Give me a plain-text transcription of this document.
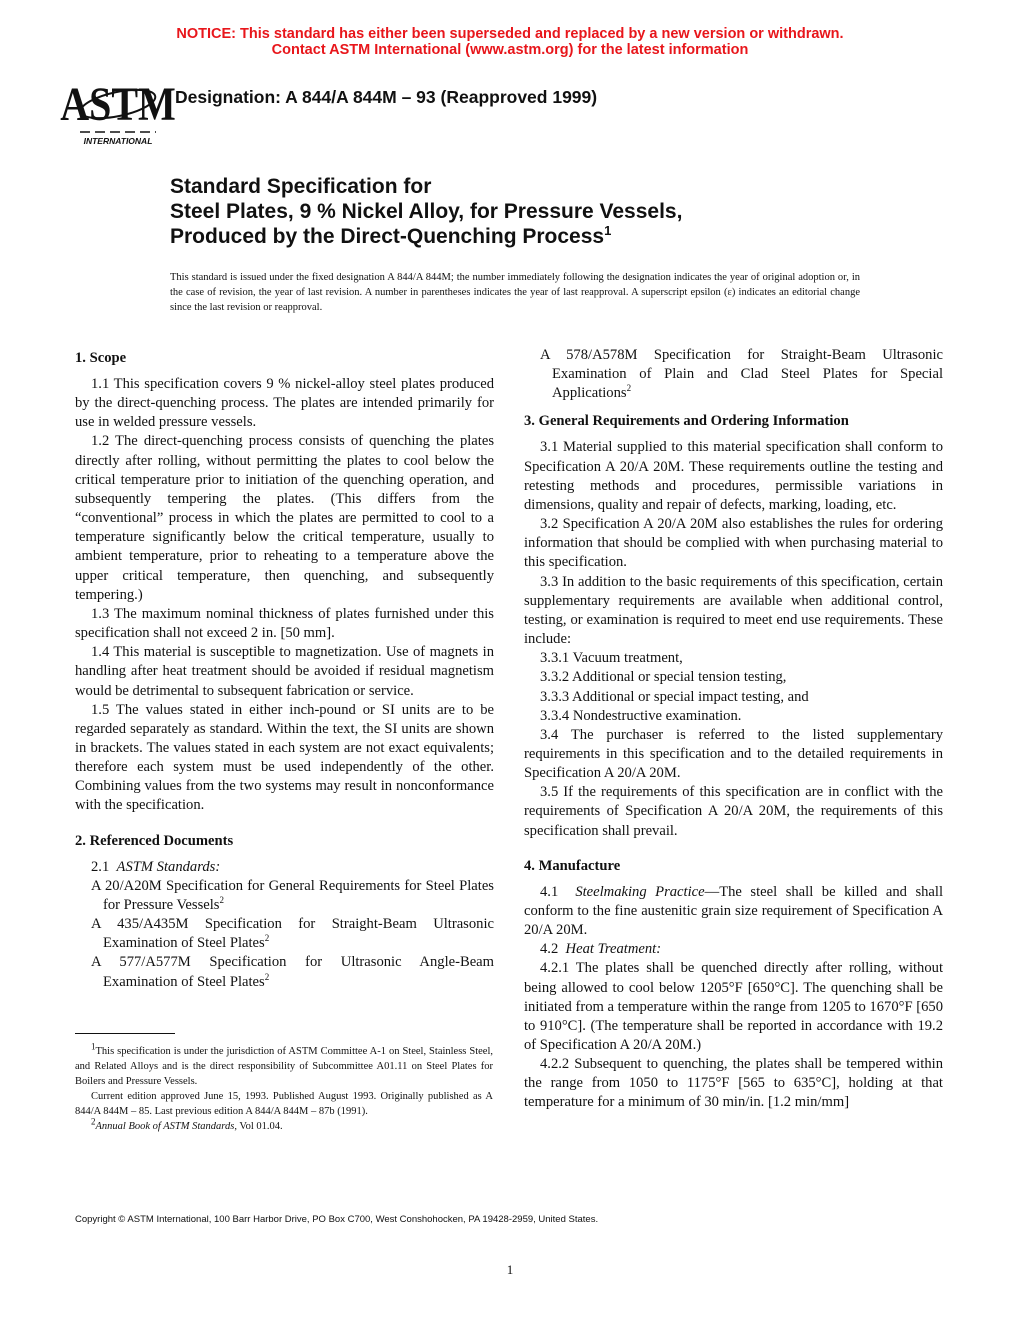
NOTICE: This standard has either been superseded and replaced by a new version or withdrawn.
Contact ASTM International (www.astm.org) for the latest information
ASTM
INTERNATIONAL
Designation: A 844/A 844M – 93 (Reapproved 1999)
Standard Specification for
Steel Plates, 9 % Nickel Alloy, for Pressure Vessels,
Produced by the Direct-Quenching Process$^1$
This standard is issued under the fixed designation A 844/A 844M; the number immediately following the designation indicates the year of original adoption or, in the case of revision, the year of last revision. A number in parentheses indicates the year of last reapproval. A superscript epsilon (ε) indicates an editorial change since the last revision or reapproval.
1. Scope

1.1 This specification covers 9 % nickel-alloy steel plates produced by the direct-quenching process. The plates are intended primarily for use in welded pressure vessels.

1.2 The direct-quenching process consists of quenching the plates directly after rolling, without permitting the plates to cool below the critical temperature prior to initiation of the quenching operation, and subsequently tempering the plates. (This differs from the “conventional” process in which the plates are permitted to cool to a temperature significantly below the critical temperature, usually to ambient temperature, prior to reheating to a temperature above the upper critical temperature, then quenching, and subsequently tempering.)

1.3 The maximum nominal thickness of plates furnished under this specification shall not exceed 2 in. [50 mm].

1.4 This material is susceptible to magnetization. Use of magnets in handling after heat treatment should be avoided if residual magnetism would be detrimental to subsequent fabrication or service.

1.5 The values stated in either inch-pound or SI units are to be regarded separately as standard. Within the text, the SI units are shown in brackets. The values stated in each system are not exact equivalents; therefore each system must be used independently of the other. Combining values from the two systems may result in nonconformance with the specification.

2. Referenced Documents

2.1 ASTM Standards:

A 20/A20M Specification for General Requirements for Steel Plates for Pressure Vessels$^2$

A 435/A435M Specification for Straight-Beam Ultrasonic Examination of Steel Plates$^2$

A 577/A577M Specification for Ultrasonic Angle-Beam Examination of Steel Plates$^2$

A 578/A578M Specification for Straight-Beam Ultrasonic Examination of Plain and Clad Steel Plates for Special Applications$^2$

3. General Requirements and Ordering Information

3.1 Material supplied to this material specification shall conform to Specification A 20/A 20M. These requirements outline the testing and retesting methods and procedures, permissible variations in dimensions, quality and repair of defects, marking, loading, etc.

3.2 Specification A 20/A 20M also establishes the rules for ordering information that should be complied with when purchasing material to this specification.

3.3 In addition to the basic requirements of this specification, certain supplementary requirements are available when additional control, testing, or examination is required to meet end use requirements. These include:

3.3.1 Vacuum treatment,

3.3.2 Additional or special tension testing,

3.3.3 Additional or special impact testing, and

3.3.4 Nondestructive examination.

3.4 The purchaser is referred to the listed supplementary requirements in this specification and to the detailed requirements in Specification A 20/A 20M.

3.5 If the requirements of this specification are in conflict with the requirements of Specification A 20/A 20M, the requirements of this specification shall prevail.

4. Manufacture

4.1 Steelmaking Practice—The steel shall be killed and shall conform to the fine austenitic grain size requirement of Specification A 20/A 20M.

4.2 Heat Treatment:

4.2.1 The plates shall be quenched directly after rolling, without being allowed to cool below 1205°F [650°C]. The quenching shall be initiated from a temperature within the range from 1205 to 1670°F [650 to 910°C]. (The temperature shall be reported in accordance with 19.2 of Specification A 20/A 20M.)

4.2.2 Subsequent to quenching, the plates shall be tempered within the range from 1050 to 1175°F [565 to 635°C], holding at that temperature for a minimum of 30 min/in. [1.2 min/mm]

$^1$This specification is under the jurisdiction of ASTM Committee A-1 on Steel, Stainless Steel, and Related Alloys and is the direct responsibility of Subcommittee A01.11 on Steel Plates for Boilers and Pressure Vessels.

Current edition approved June 15, 1993. Published August 1993. Originally published as A 844/A 844M – 85. Last previous edition A 844/A 844M – 87b (1991).

$^2$Annual Book of ASTM Standards, Vol 01.04.

Copyright © ASTM International, 100 Barr Harbor Drive, PO Box C700, West Conshohocken, PA 19428-2959, United States.
1
